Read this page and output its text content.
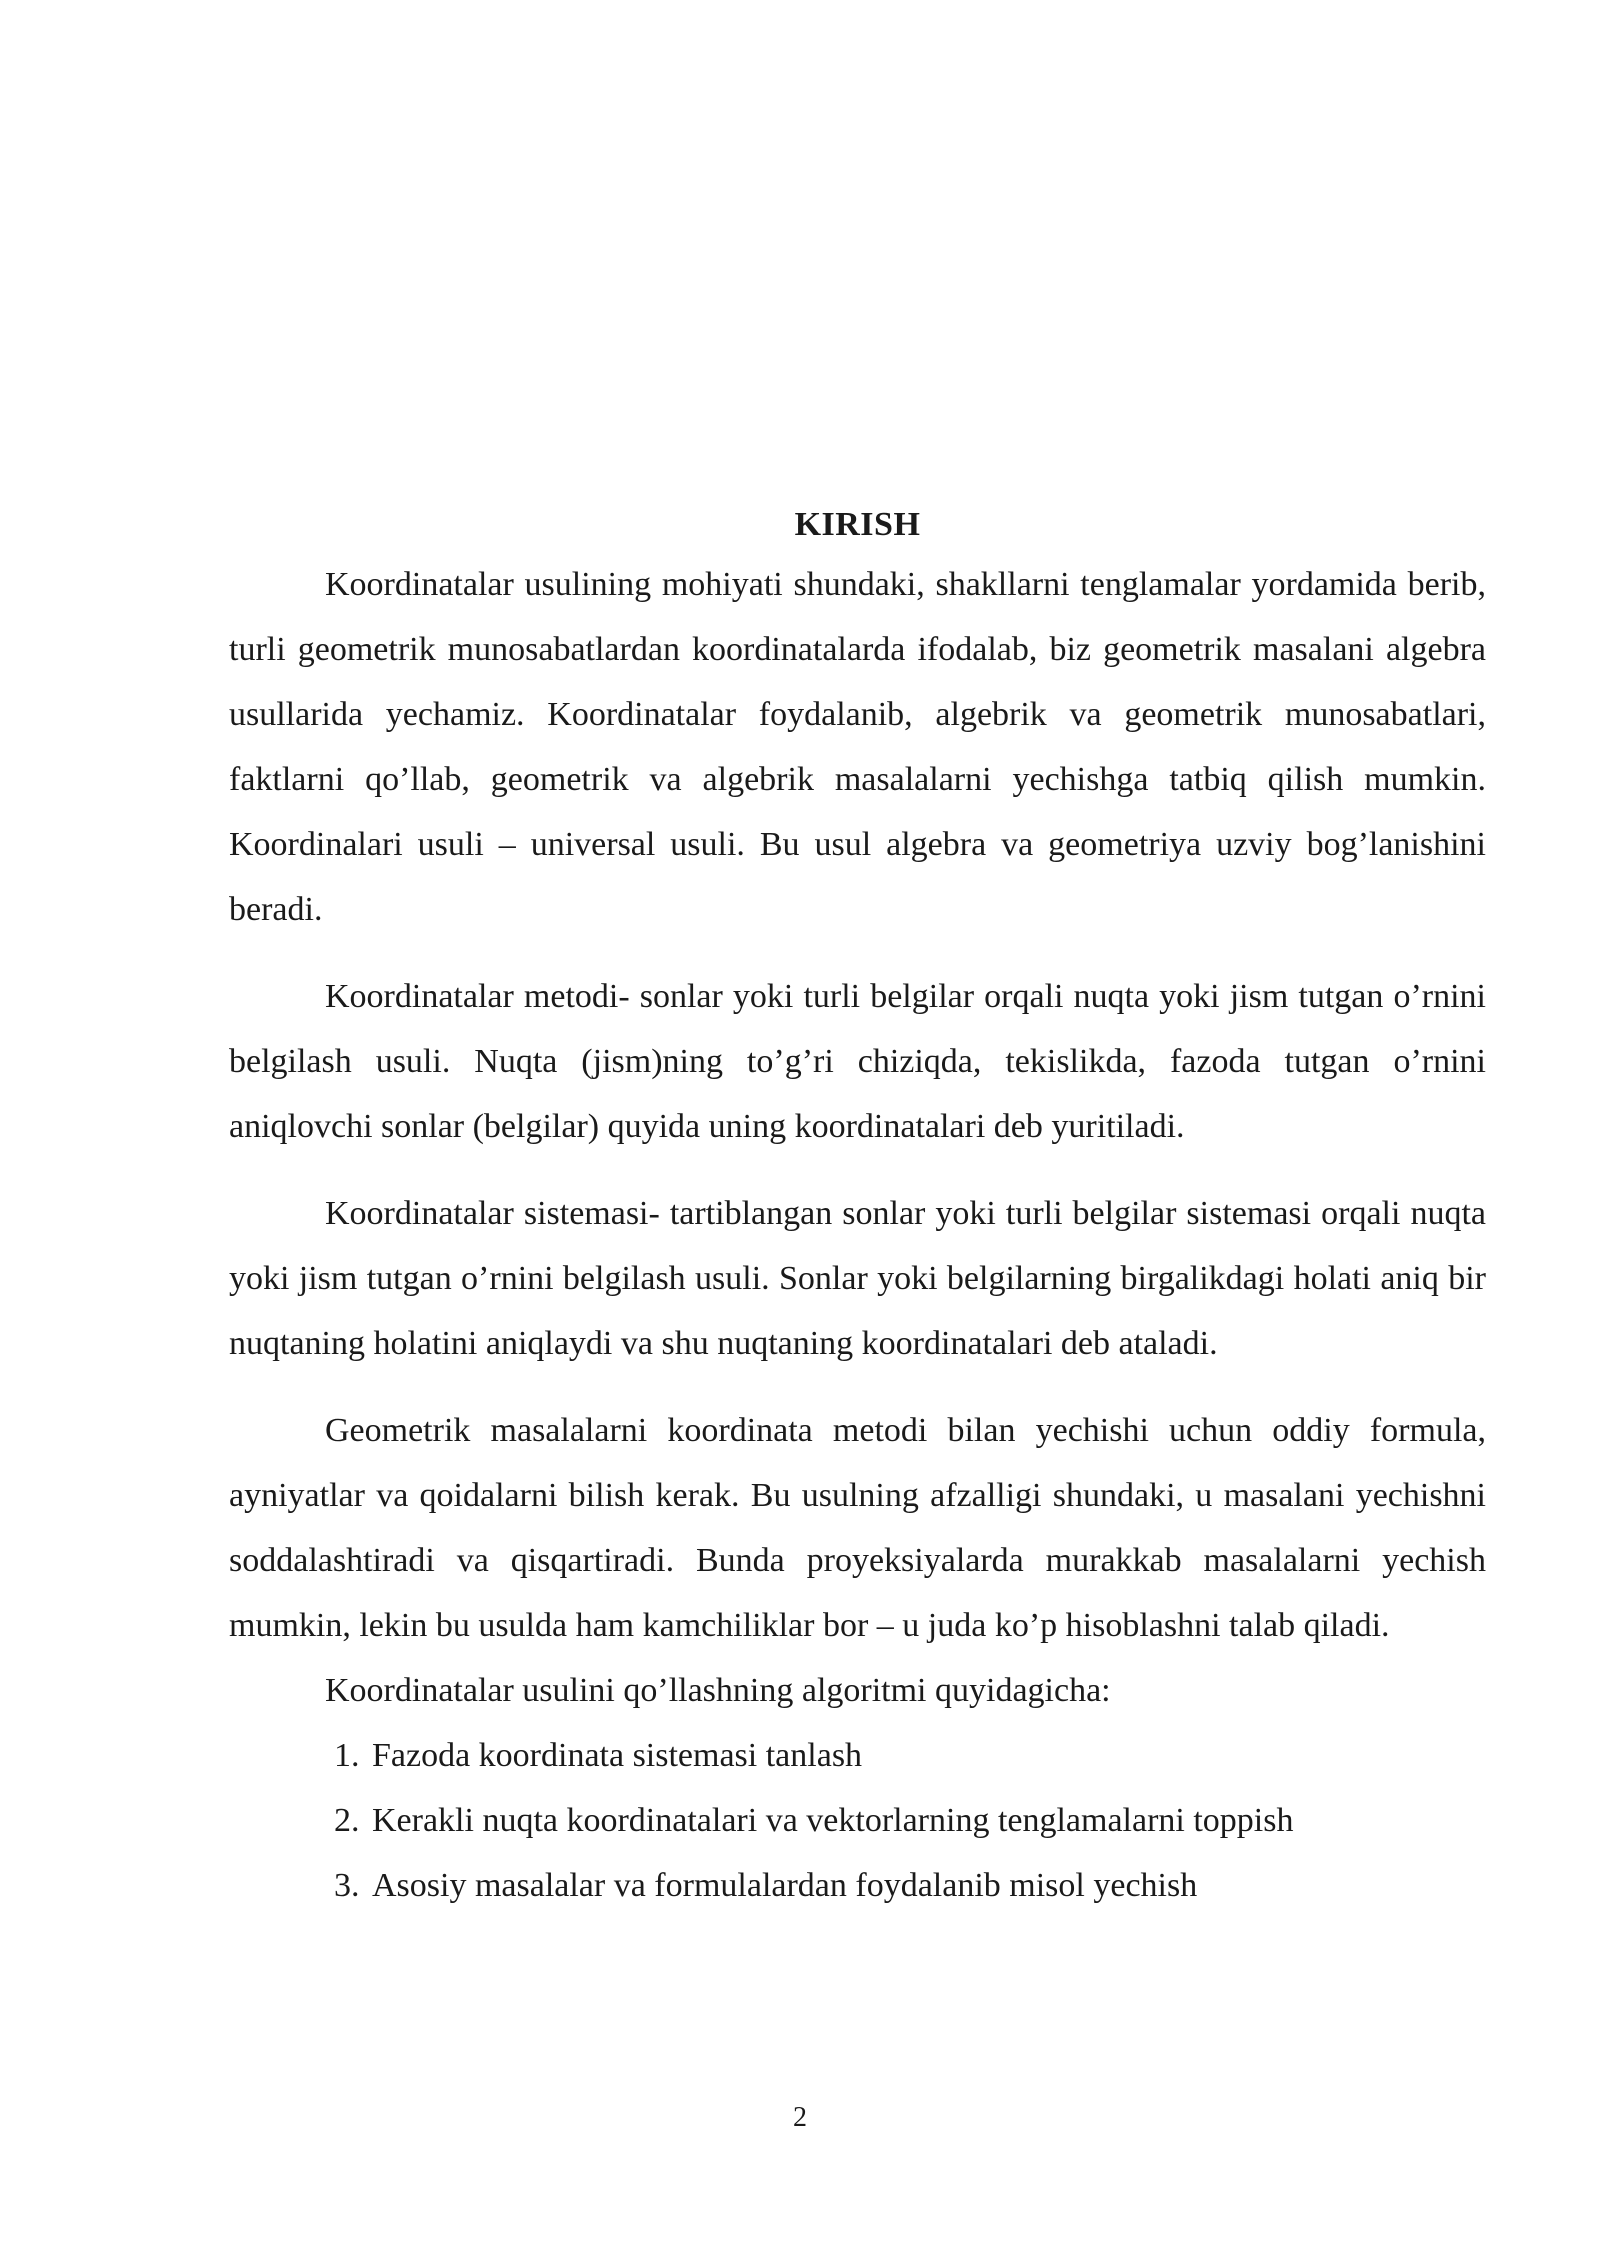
KIRISH

Koordinatalar usulining mohiyati shundaki, shakllarni tenglamalar yordamida berib, turli geometrik munosabatlardan koordinatalarda ifodalab, biz geometrik masalani algebra usullarida yechamiz. Koordinatalar foydalanib, algebrik va geometrik munosabatlari, faktlarni qo’llab, geometrik va algebrik masalalarni yechishga tatbiq qilish mumkin. Koordinalari usuli – universal usuli. Bu usul algebra va geometriya uzviy bog’lanishini beradi.

Koordinatalar metodi- sonlar yoki turli belgilar orqali nuqta yoki jism tutgan o’rnini belgilash usuli. Nuqta (jism)ning to’g’ri chiziqda, tekislikda, fazoda tutgan o’rnini aniqlovchi sonlar (belgilar) quyida uning koordinatalari deb yuritiladi.

Koordinatalar sistemasi- tartiblangan sonlar yoki turli belgilar sistemasi orqali nuqta yoki jism tutgan o’rnini belgilash usuli. Sonlar yoki belgilarning birgalikdagi holati aniq bir nuqtaning holatini aniqlaydi va shu nuqtaning koordinatalari deb ataladi.

Geometrik masalalarni koordinata metodi bilan yechishi uchun oddiy formula, ayniyatlar va qoidalarni bilish kerak. Bu usulning afzalligi shundaki, u masalani yechishni soddalashtiradi va qisqartiradi. Bunda proyeksiyalarda murakkab masalalarni yechish mumkin, lekin bu usulda ham kamchiliklar bor – u juda ko’p hisoblashni talab qiladi.

Koordinatalar usulini qo’llashning algoritmi quyidagicha:

1. Fazoda koordinata sistemasi tanlash
2. Kerakli nuqta koordinatalari va vektorlarning tenglamalarni toppish
3. Asosiy masalalar va formulalardan foydalanib misol yechish
2
